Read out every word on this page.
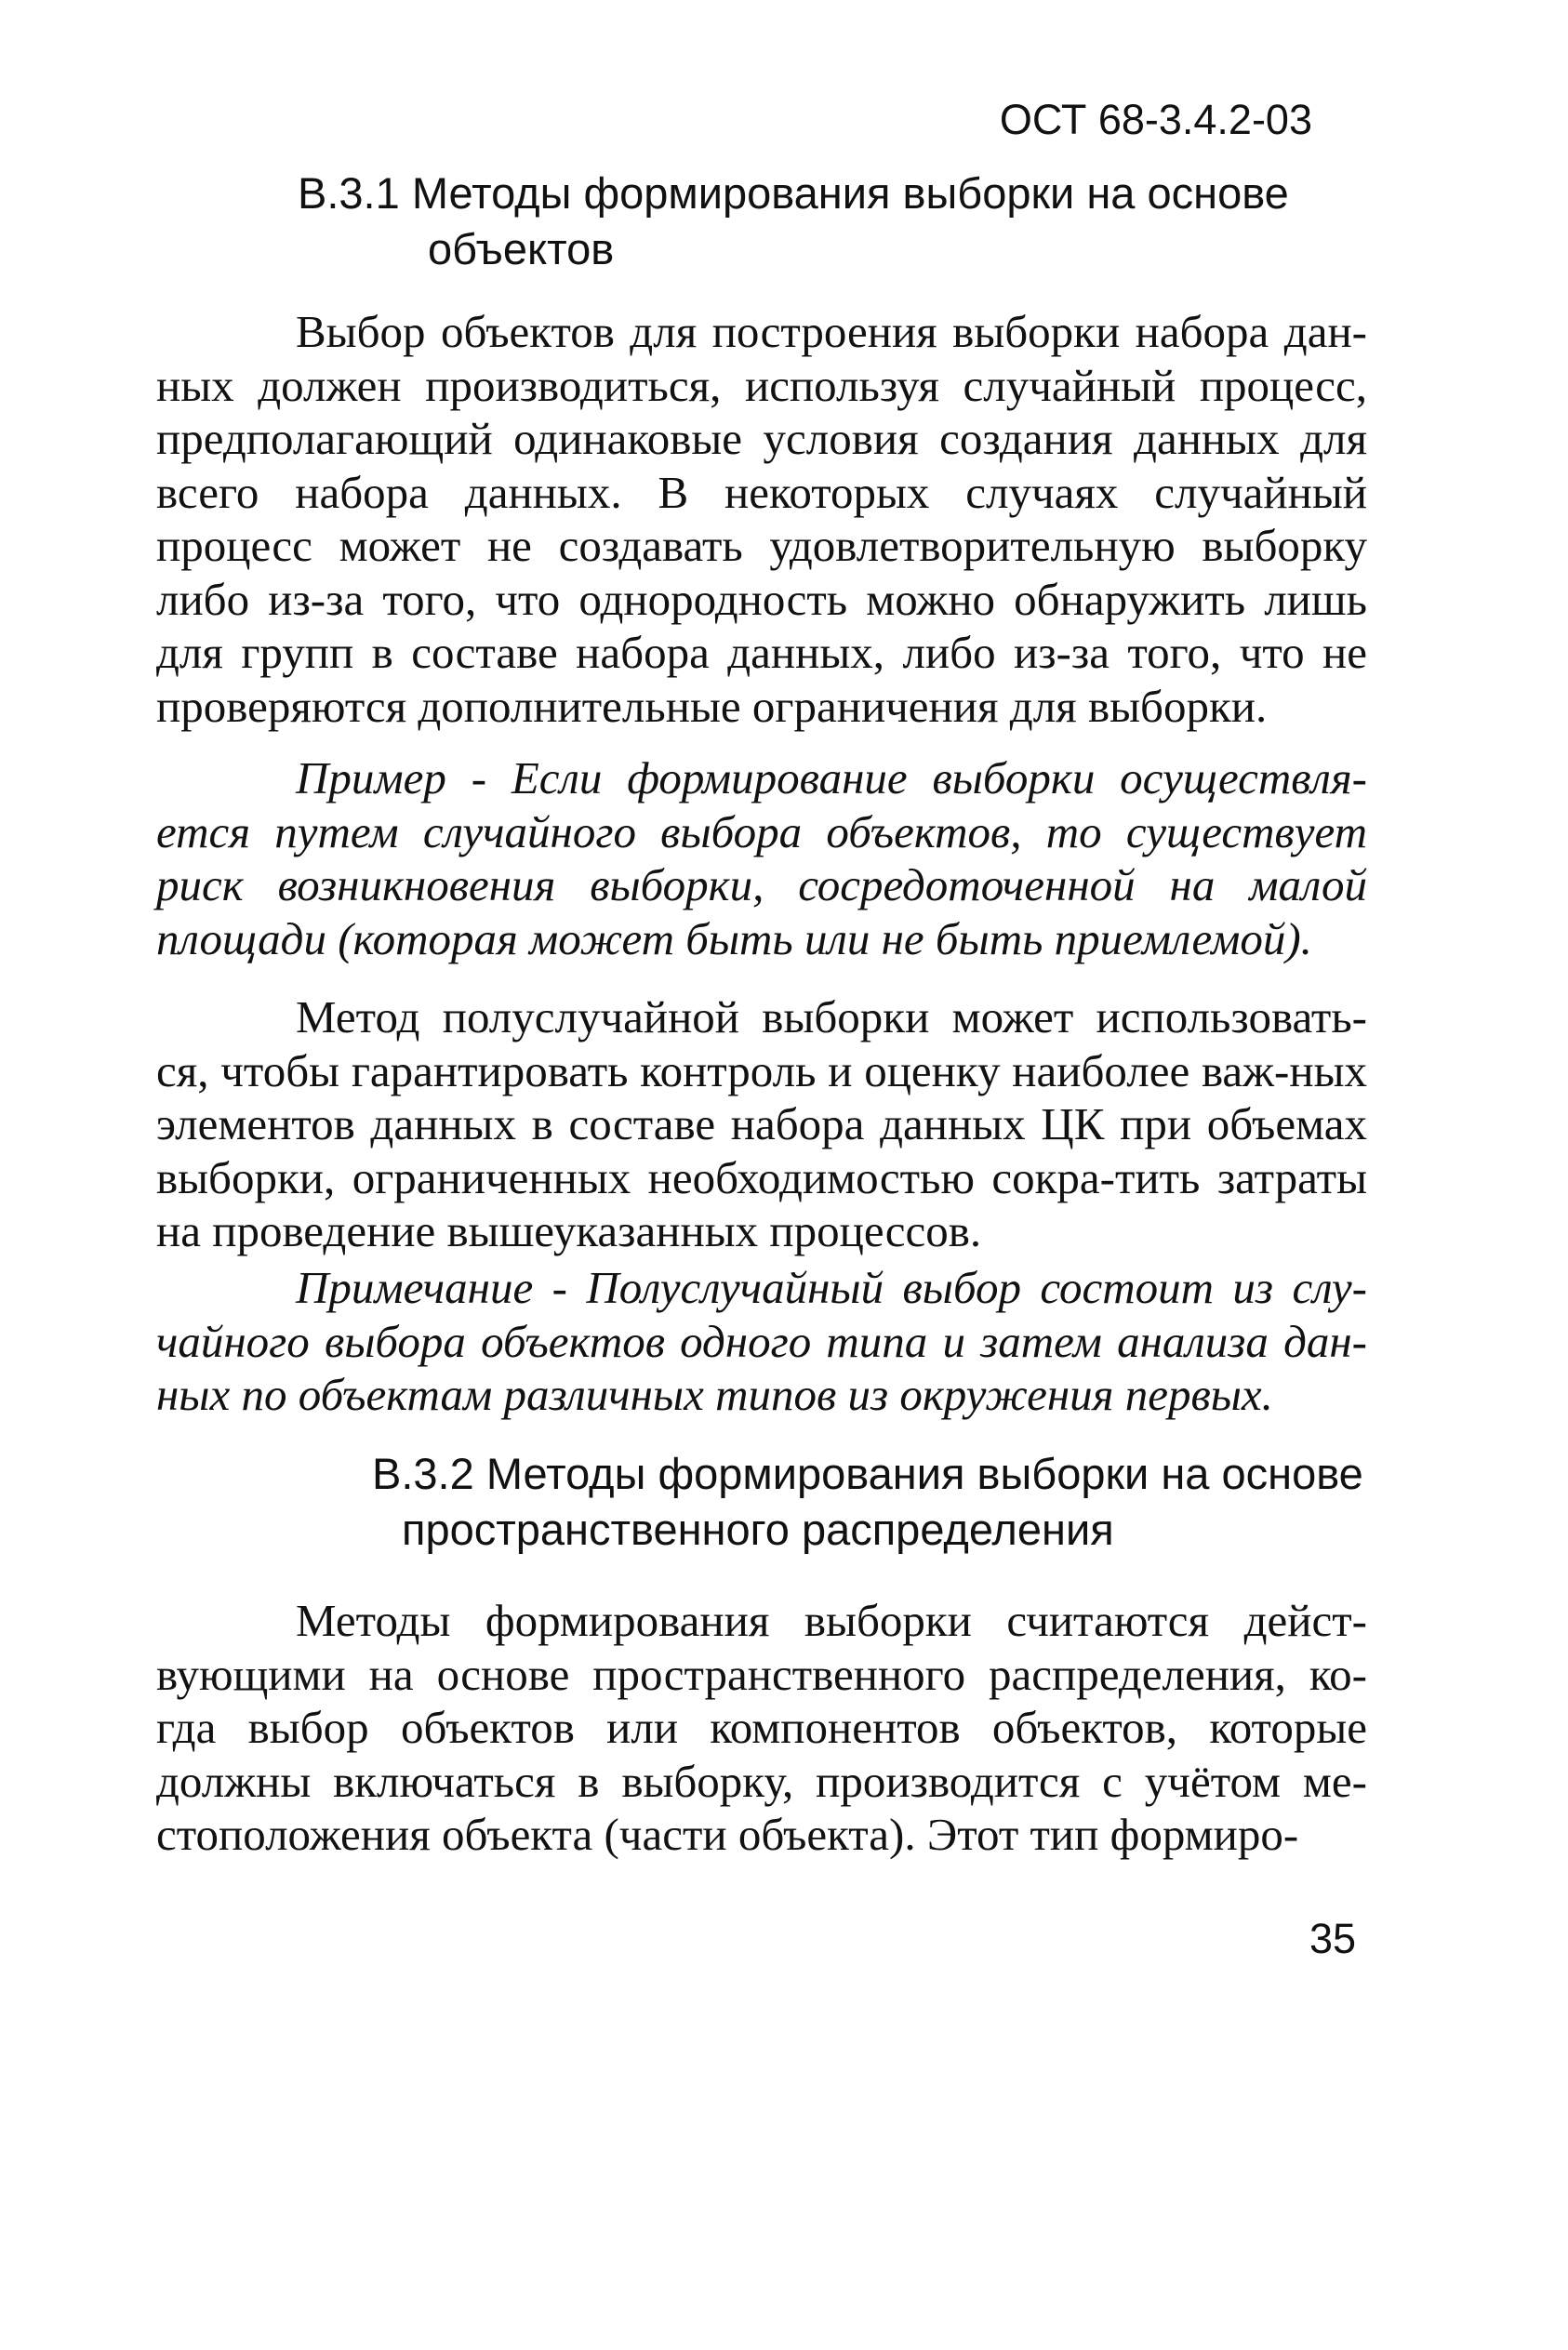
ОСТ 68-3.4.2-03
В.3.1 Методы формирования выборки на основе
объектов

Выбор объектов для построения выборки набора дан-ных должен производиться, используя случайный процесс, предполагающий одинаковые условия создания данных для всего набора данных. В некоторых случаях случайный процесс может не создавать удовлетворительную выборку либо из-за того, что однородность можно обнаружить лишь для групп в составе набора данных, либо из-за того, что не проверяются дополнительные ограничения для выборки.

Пример - Если формирование выборки осуществля-ется путем случайного выбора объектов, то существует риск возникновения выборки, сосредоточенной на малой площади (которая может быть или не быть приемлемой).

Метод полуслучайной выборки может использовать-ся, чтобы гарантировать контроль и оценку наиболее важ-ных элементов данных в составе набора данных ЦК при объемах выборки, ограниченных необходимостью сокра-тить затраты на проведение вышеуказанных процессов.

Примечание - Полуслучайный выбор состоит из слу-чайного выбора объектов одного типа и затем анализа дан-ных по объектам различных типов из окружения первых.

В.3.2 Методы формирования выборки на основе
пространственного распределения

Методы формирования выборки считаются дейст-вующими на основе пространственного распределения, ко-гда выбор объектов или компонентов объектов, которые должны включаться в выборку, производится с учётом ме-стоположения объекта (части объекта). Этот тип формиро-

35
